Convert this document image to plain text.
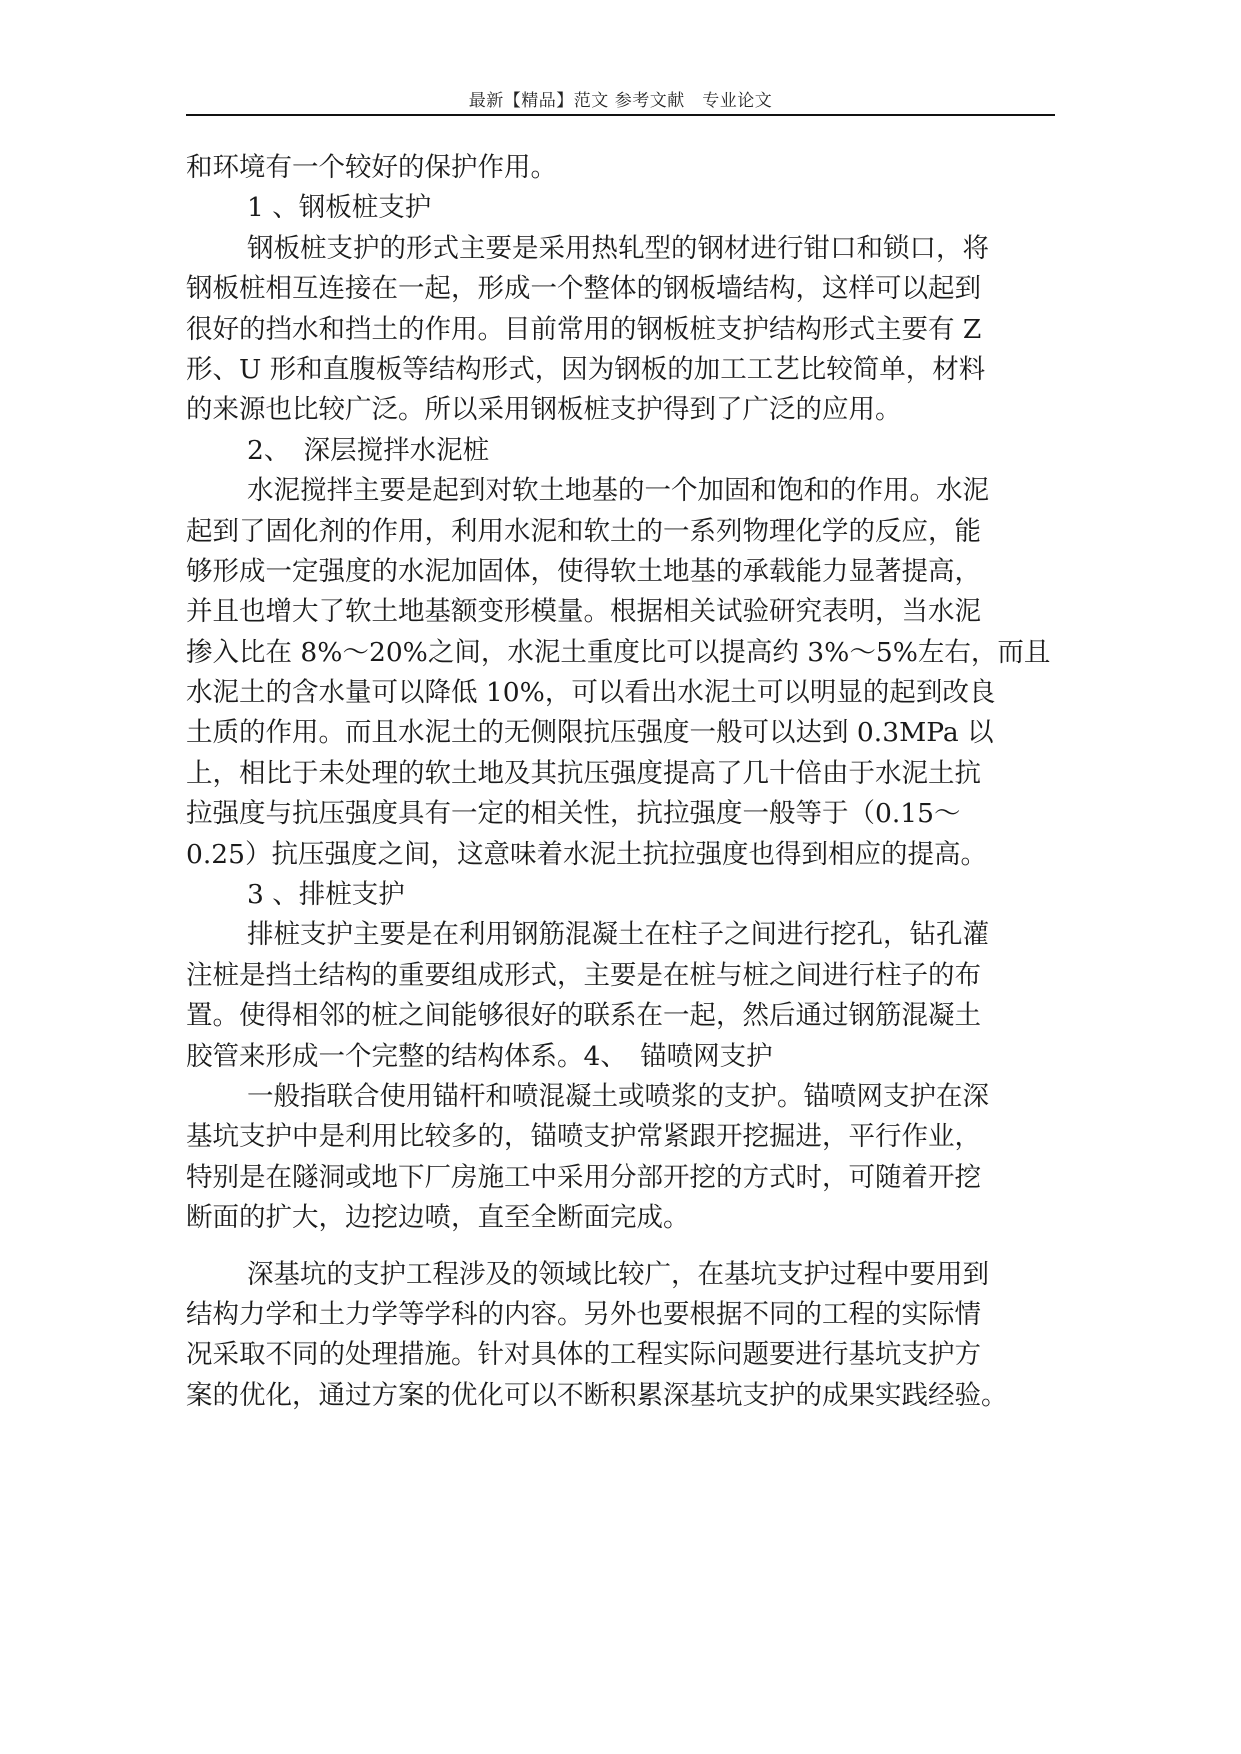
最新【精品】范文 参考文献　专业论文
和环境有一个较好的保护作用。
1 、钢板桩支护
钢板桩支护的形式主要是采用热轧型的钢材进行钳口和锁口，将
钢板桩相互连接在一起，形成一个整体的钢板墙结构，这样可以起到
很好的挡水和挡土的作用。目前常用的钢板桩支护结构形式主要有 Z
形、U 形和直腹板等结构形式，因为钢板的加工工艺比较简单，材料
的来源也比较广泛。所以采用钢板桩支护得到了广泛的应用。
2、　深层搅拌水泥桩
水泥搅拌主要是起到对软土地基的一个加固和饱和的作用。水泥
起到了固化剂的作用，利用水泥和软土的一系列物理化学的反应，能
够形成一定强度的水泥加固体，使得软土地基的承载能力显著提高，
并且也增大了软土地基额变形模量。根据相关试验研究表明，当水泥
掺入比在 8%～20%之间，水泥土重度比可以提高约 3%～5%左右，而且
水泥土的含水量可以降低 10%，可以看出水泥土可以明显的起到改良
土质的作用。而且水泥土的无侧限抗压强度一般可以达到 0.3MPa 以
上，相比于未处理的软土地及其抗压强度提高了几十倍由于水泥土抗
拉强度与抗压强度具有一定的相关性，抗拉强度一般等于（0.15～
0.25）抗压强度之间，这意味着水泥土抗拉强度也得到相应的提高。
3 、排桩支护
排桩支护主要是在利用钢筋混凝土在柱子之间进行挖孔，钻孔灌
注桩是挡土结构的重要组成形式，主要是在桩与桩之间进行柱子的布
置。使得相邻的桩之间能够很好的联系在一起，然后通过钢筋混凝土
胶管来形成一个完整的结构体系。4、　锚喷网支护
一般指联合使用锚杆和喷混凝土或喷浆的支护。锚喷网支护在深
基坑支护中是利用比较多的，锚喷支护常紧跟开挖掘进，平行作业，
特别是在隧洞或地下厂房施工中采用分部开挖的方式时，可随着开挖
断面的扩大，边挖边喷，直至全断面完成。
深基坑的支护工程涉及的领域比较广，在基坑支护过程中要用到
结构力学和土力学等学科的内容。另外也要根据不同的工程的实际情
况采取不同的处理措施。针对具体的工程实际问题要进行基坑支护方
案的优化，通过方案的优化可以不断积累深基坑支护的成果实践经验。
